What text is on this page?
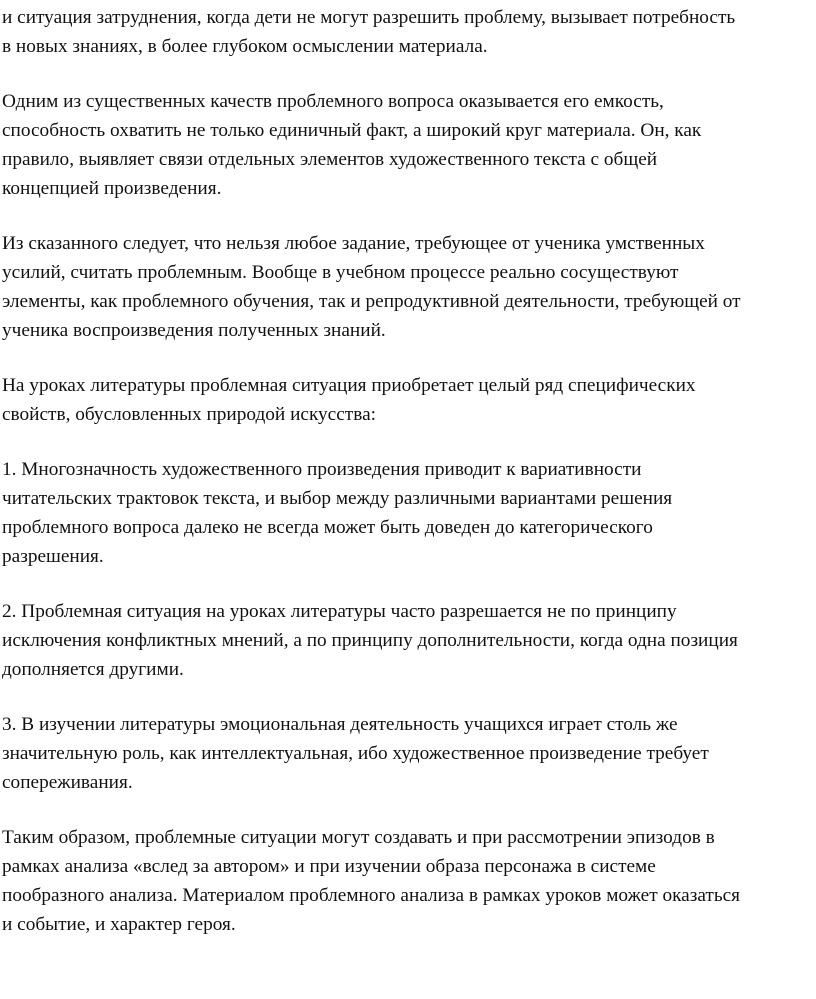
и ситуация затруднения, когда дети не могут разрешить проблему, вызывает потребность
в новых знаниях, в более глубоком осмыслении материала.

Одним из существенных качеств проблемного вопроса оказывается его емкость,
способность охватить не только единичный факт, а широкий круг материала. Он, как
правило, выявляет связи отдельных элементов художественного текста с общей
концепцией произведения.

Из сказанного следует, что нельзя любое задание, требующее от ученика умственных
усилий, считать проблемным. Вообще в учебном процессе реально сосуществуют
элементы, как проблемного обучения, так и репродуктивной деятельности, требующей от
ученика воспроизведения полученных знаний.

На уроках литературы проблемная ситуация приобретает целый ряд специфических
свойств, обусловленных природой искусства:

1. Многозначность художественного произведения приводит к вариативности
читательских трактовок текста, и выбор между различными вариантами решения
проблемного вопроса далеко не всегда может быть доведен до категорического
разрешения.

2. Проблемная ситуация на уроках литературы часто разрешается не по принципу
исключения конфликтных мнений, а по принципу дополнительности, когда одна позиция
дополняется другими.

3. В изучении литературы эмоциональная деятельность учащихся играет столь же
значительную роль, как интеллектуальная, ибо художественное произведение требует
сопереживания.

Таким образом, проблемные ситуации могут создавать и при рассмотрении эпизодов в
рамках анализа «вслед за автором» и при изучении образа персонажа в системе
пообразного анализа. Материалом проблемного анализа в рамках уроков может оказаться
и событие, и характер героя.
